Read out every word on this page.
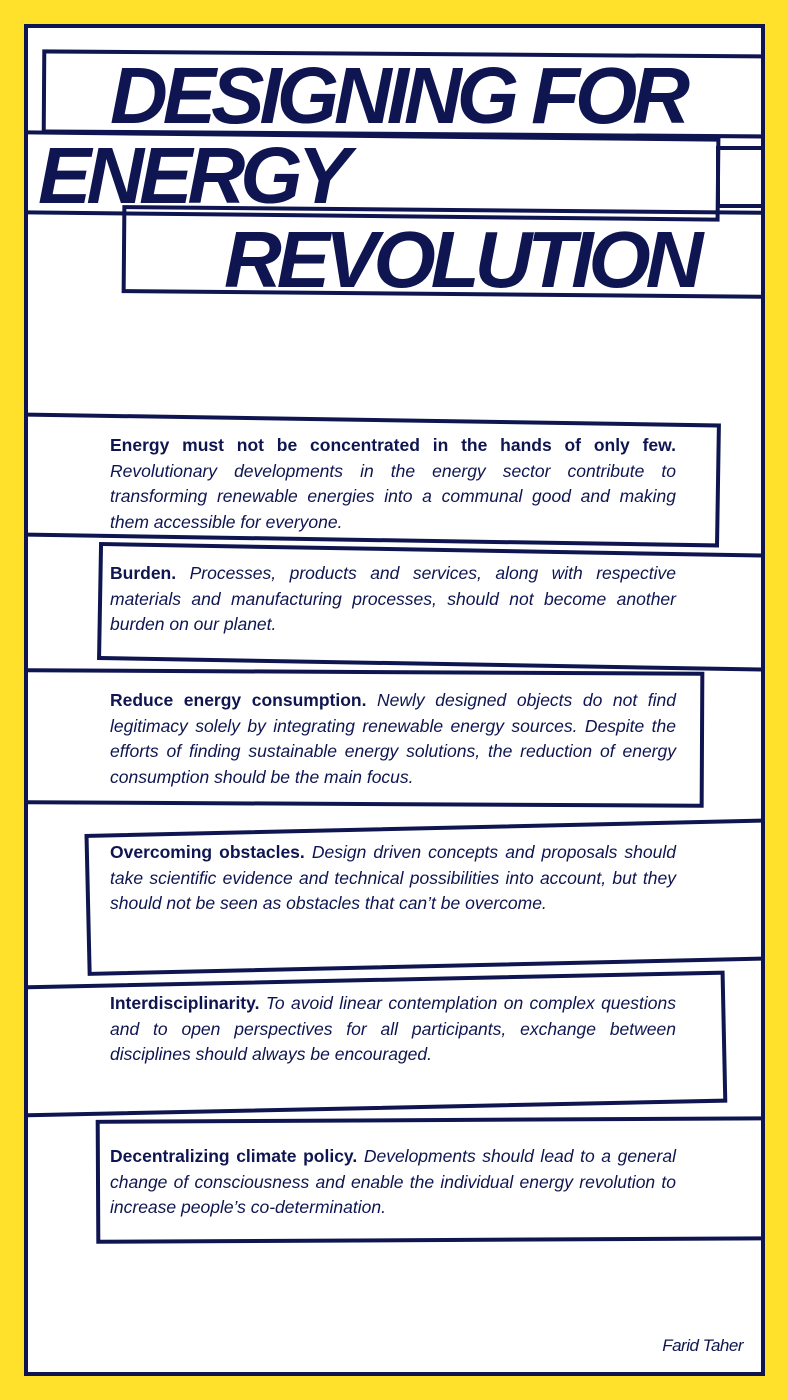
DESIGNING FOR
ENERGY
REVOLUTION
Energy must not be concentrated in the hands of only few. Revolutionary developments in the energy sector contribute to transforming renewable energies into a communal good and making them accessible for everyone.
Burden. Processes, products and services, along with respective materials and manufacturing processes, should not become another burden on our planet.
Reduce energy consumption. Newly designed objects do not find legitimacy solely by integrating renewable energy sources. Despite the efforts of finding sustainable energy solutions, the reduction of energy consumption should be the main focus.
Overcoming obstacles. Design driven concepts and proposals should take scientific evidence and technical possibilities into account, but they should not be seen as obstacles that can’t be overcome.
Interdisciplinarity. To avoid linear contemplation on complex questions and to open perspectives for all participants, exchange between disciplines should always be encouraged.
Decentralizing climate policy. Developments should lead to a general change of consciousness and enable the individual energy revolution to increase people’s co-determination.
Farid Taher
